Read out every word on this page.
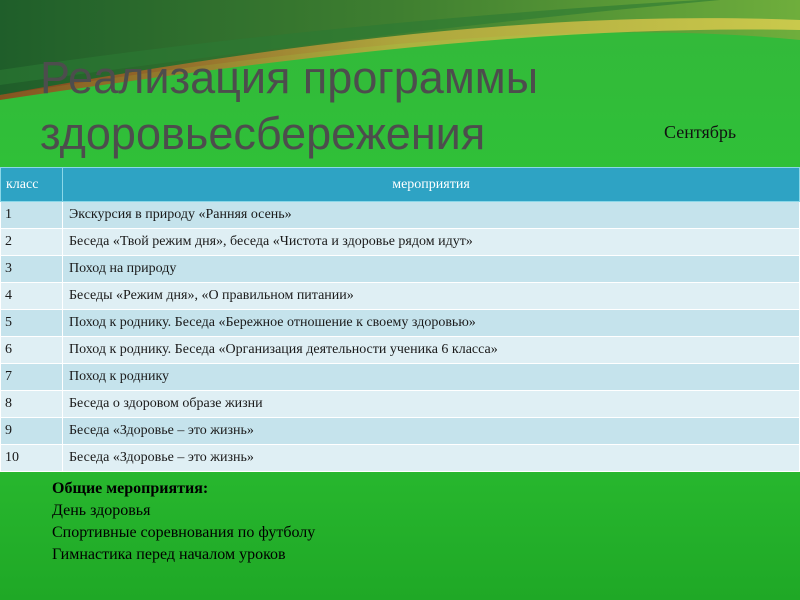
Реализация программы
здоровьесбережения	Сентябрь
класс	мероприятия
1	Экскурсия в природу «Ранняя осень»
2	Беседа «Твой режим дня», беседа «Чистота и здоровье рядом идут»
3	Поход на природу
4	Беседы «Режим дня», «О правильном питании»
5	Поход к роднику. Беседа «Бережное отношение к своему здоровью»
6	Поход к роднику. Беседа «Организация деятельности ученика 6 класса»
7	Поход к роднику
8	Беседа о здоровом образе жизни
9	Беседа «Здоровье – это жизнь»
10	Беседа «Здоровье – это жизнь»
Общие мероприятия:
День здоровья
Спортивные соревнования по футболу
Гимнастика перед началом уроков
